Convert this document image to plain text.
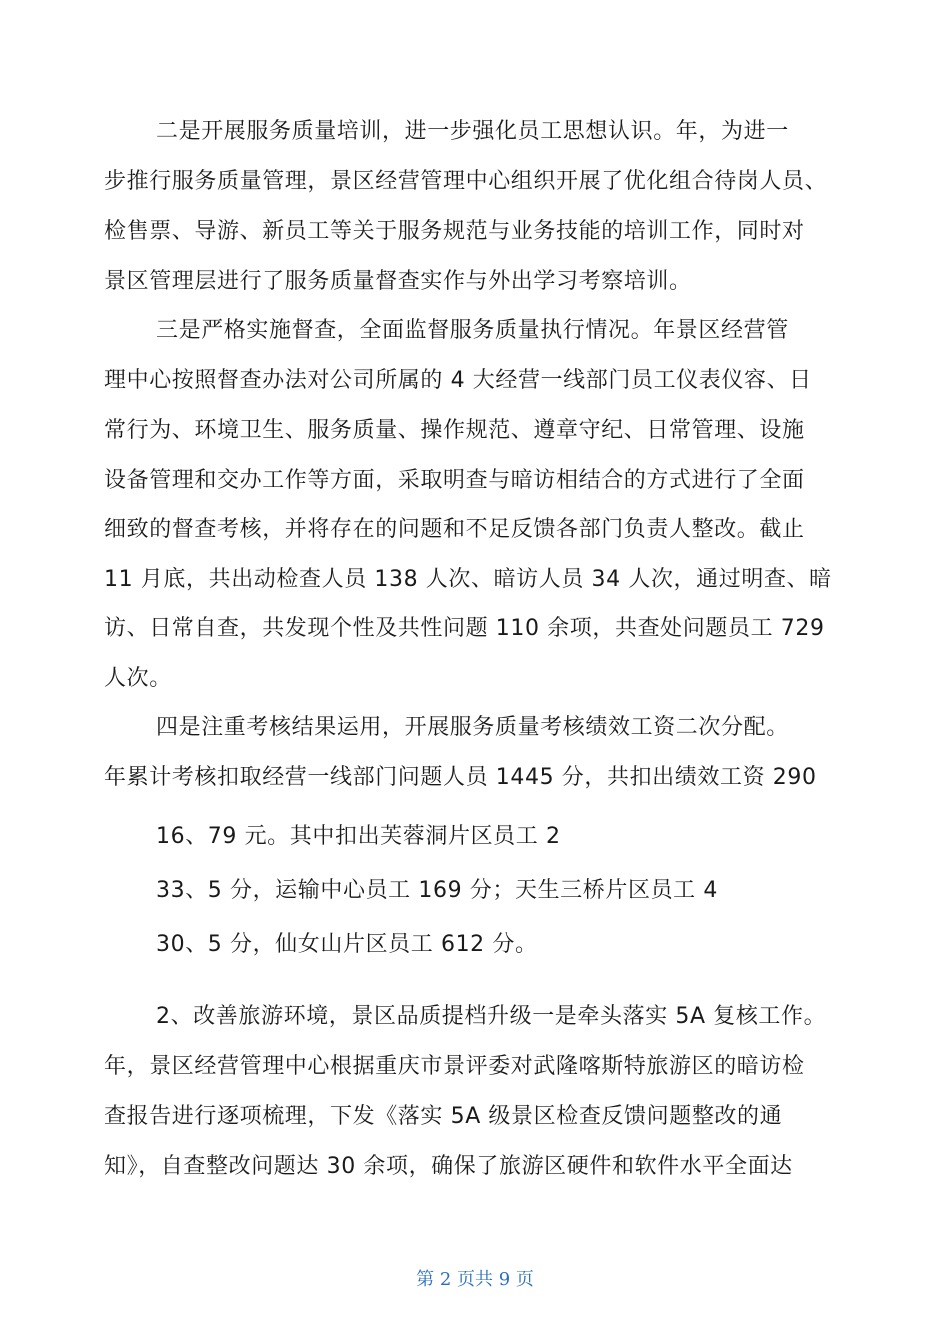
二是开展服务质量培训，进一步强化员工思想认识。年，为进一
步推行服务质量管理，景区经营管理中心组织开展了优化组合待岗人员、
检售票、导游、新员工等关于服务规范与业务技能的培训工作，同时对
景区管理层进行了服务质量督查实作与外出学习考察培训。
三是严格实施督查，全面监督服务质量执行情况。年景区经营管
理中心按照督查办法对公司所属的 4 大经营一线部门员工仪表仪容、日
常行为、环境卫生、服务质量、操作规范、遵章守纪、日常管理、设施
设备管理和交办工作等方面，采取明查与暗访相结合的方式进行了全面
细致的督查考核，并将存在的问题和不足反馈各部门负责人整改。截止
11 月底，共出动检查人员 138 人次、暗访人员 34 人次，通过明查、暗
访、日常自查，共发现个性及共性问题 110 余项，共查处问题员工 729
人次。
四是注重考核结果运用，开展服务质量考核绩效工资二次分配。
年累计考核扣取经营一线部门问题人员 1445 分，共扣出绩效工资 290
16、79 元。其中扣出芙蓉洞片区员工 2
33、5 分，运输中心员工 169 分；天生三桥片区员工 4
30、5 分，仙女山片区员工 612 分。
2、改善旅游环境，景区品质提档升级一是牵头落实 5A 复核工作。
年，景区经营管理中心根据重庆市景评委对武隆喀斯特旅游区的暗访检
查报告进行逐项梳理，下发《落实 5A 级景区检查反馈问题整改的通
知》，自查整改问题达 30 余项，确保了旅游区硬件和软件水平全面达
第 2 页共 9 页
